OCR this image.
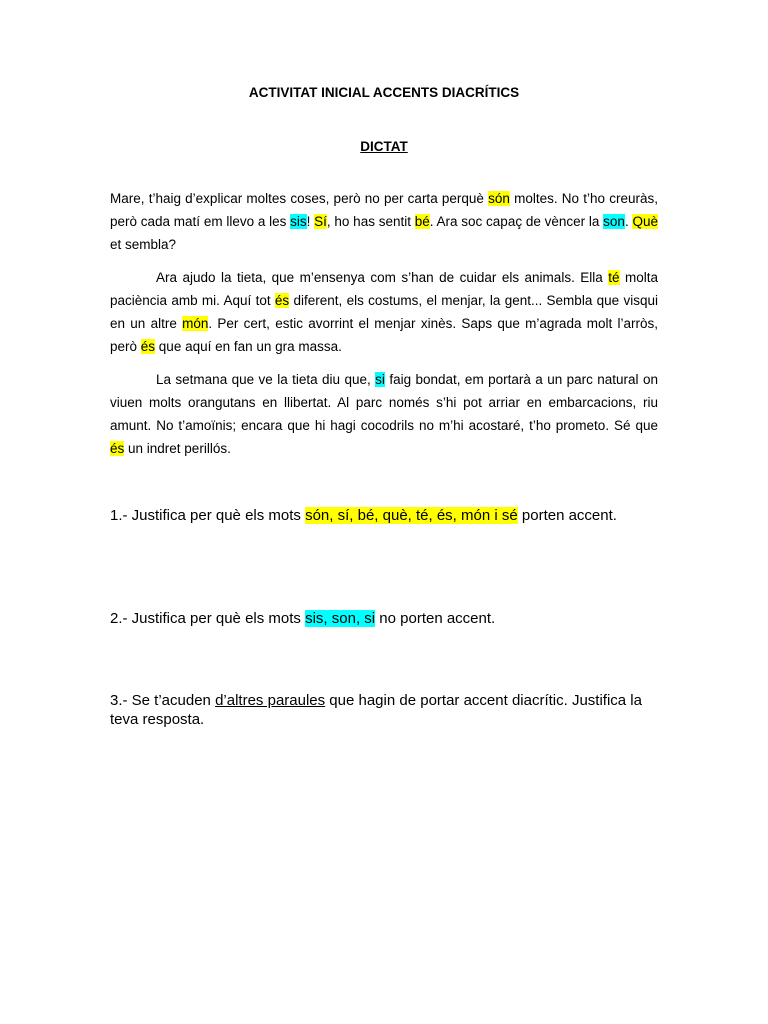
ACTIVITAT INICIAL ACCENTS DIACRÍTICS
DICTAT

Mare, t’haig d’explicar moltes coses, però no per carta perquè són moltes. No t’ho creuràs, però cada matí em llevo a les sis! Sí, ho has sentit bé. Ara soc capaç de vèncer la son. Què et sembla?

Ara ajudo la tieta, que m’ensenya com s’han de cuidar els animals. Ella té molta paciència amb mi. Aquí tot és diferent, els costums, el menjar, la gent... Sembla que visqui en un altre món. Per cert, estic avorrint el menjar xinès. Saps que m’agrada molt l’arròs, però és que aquí en fan un gra massa.

La setmana que ve la tieta diu que, si faig bondat, em portarà a un parc natural on viuen molts orangutans en llibertat. Al parc només s’hi pot arriar en embarcacions, riu amunt. No t’amoïnis; encara que hi hagi cocodrils no m’hi acostaré, t’ho prometo. Sé que és un indret perillós.

1.- Justifica per què els mots són, sí, bé, què, té, és, món i sé porten accent.

2.- Justifica per què els mots sis, son, si no porten accent.

3.- Se t’acuden d’altres paraules que hagin de portar accent diacrític. Justifica la teva resposta.
